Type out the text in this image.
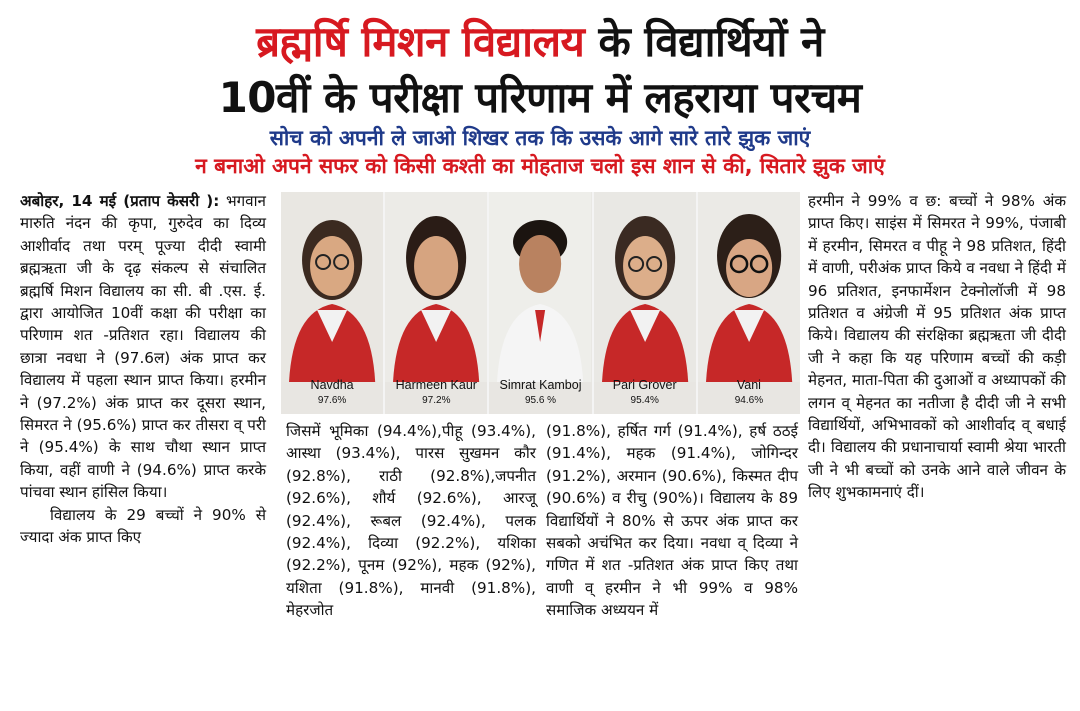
ब्रह्मर्षि मिशन विद्यालय के विद्यार्थियों ने
10वीं के परीक्षा परिणाम में लहराया परचम
सोच को अपनी ले जाओ शिखर तक कि उसके आगे सारे तारे झुक जाएं
न बनाओ अपने सफर को किसी कश्ती का मोहताज चलो इस शान से की, सितारे झुक जाएं

अबोहर, 14 मई (प्रताप केसरी ): भगवान मारुति नंदन की कृपा, गुरुदेव का दिव्य आशीर्वाद तथा परम् पूज्या दीदी स्वामी ब्रह्मऋता जी के दृढ़ संकल्प से संचालित ब्रह्मर्षि मिशन विद्यालय का सी. बी .एस. ई. द्वारा आयोजित 10वीं कक्षा की परीक्षा का परिणाम शत -प्रतिशत रहा। विद्यालय की छात्रा नवधा ने (97.6ल) अंक प्राप्त कर विद्यालय में पहला स्थान प्राप्त किया। हरमीन ने (97.2%) अंक प्राप्त कर दूसरा स्थान, सिमरत ने (95.6%) प्राप्त कर तीसरा व् परी ने (95.4%) के साथ चौथा स्थान प्राप्त किया, वहीं वाणी ने (94.6%) प्राप्त करके पांचवा स्थान हांसिल किया।

विद्यालय के 29 बच्चों ने 90% से ज्यादा अंक प्राप्त किए

Navdha
97.6%
Harmeen Kaur
97.2%
Simrat Kamboj
95.6 %
Pari Grover
95.4%
Vani
94.6%

जिसमें भूमिका (94.4%),पीहू (93.4%), आस्था (93.4%), पारस सुखमन कौर (92.8%), राठी (92.8%),जपनीत (92.6%), शौर्य (92.6%), आरजू (92.4%), रूबल (92.4%), पलक (92.4%), दिव्या (92.2%), यशिका (92.2%), पूनम (92%), महक (92%), यशिता (91.8%), मानवी (91.8%), मेहरजोत

(91.8%), हर्षित गर्ग (91.4%), हर्ष ठठई (91.4%), महक (91.4%), जोगिन्दर (91.2%), अरमान (90.6%), किस्मत दीप (90.6%) व रीचु (90%)। विद्यालय के 89 विद्यार्थियों ने 80% से ऊपर अंक प्राप्त कर सबको अचंभित कर दिया। नवधा व् दिव्या ने गणित में शत -प्रतिशत अंक प्राप्त किए तथा वाणी व् हरमीन ने भी 99% व 98% समाजिक अध्ययन में

हरमीन ने 99% व छ: बच्चों ने 98% अंक प्राप्त किए। साइंस में सिमरत ने 99%, पंजाबी में हरमीन, सिमरत व पीहू ने 98 प्रतिशत, हिंदी में वाणी, परीअंक प्राप्त किये व नवधा ने हिंदी में 96 प्रतिशत, इनफार्मेशन टेक्नोलॉजी में 98 प्रतिशत व अंग्रेजी में 95 प्रतिशत अंक प्राप्त किये। विद्यालय की संरक्षिका ब्रह्मऋता जी दीदी जी ने कहा कि यह परिणाम बच्चों की कड़ी मेहनत, माता-पिता की दुआओं व अध्यापकों की लगन व् मेहनत का नतीजा है दीदी जी ने सभी विद्यार्थियों, अभिभावकों को आशीर्वाद व् बधाई दी। विद्यालय की प्रधानाचार्या स्वामी श्रेया भारती जी ने भी बच्चों को उनके आने वाले जीवन के लिए शुभकामनाएं दीं।
